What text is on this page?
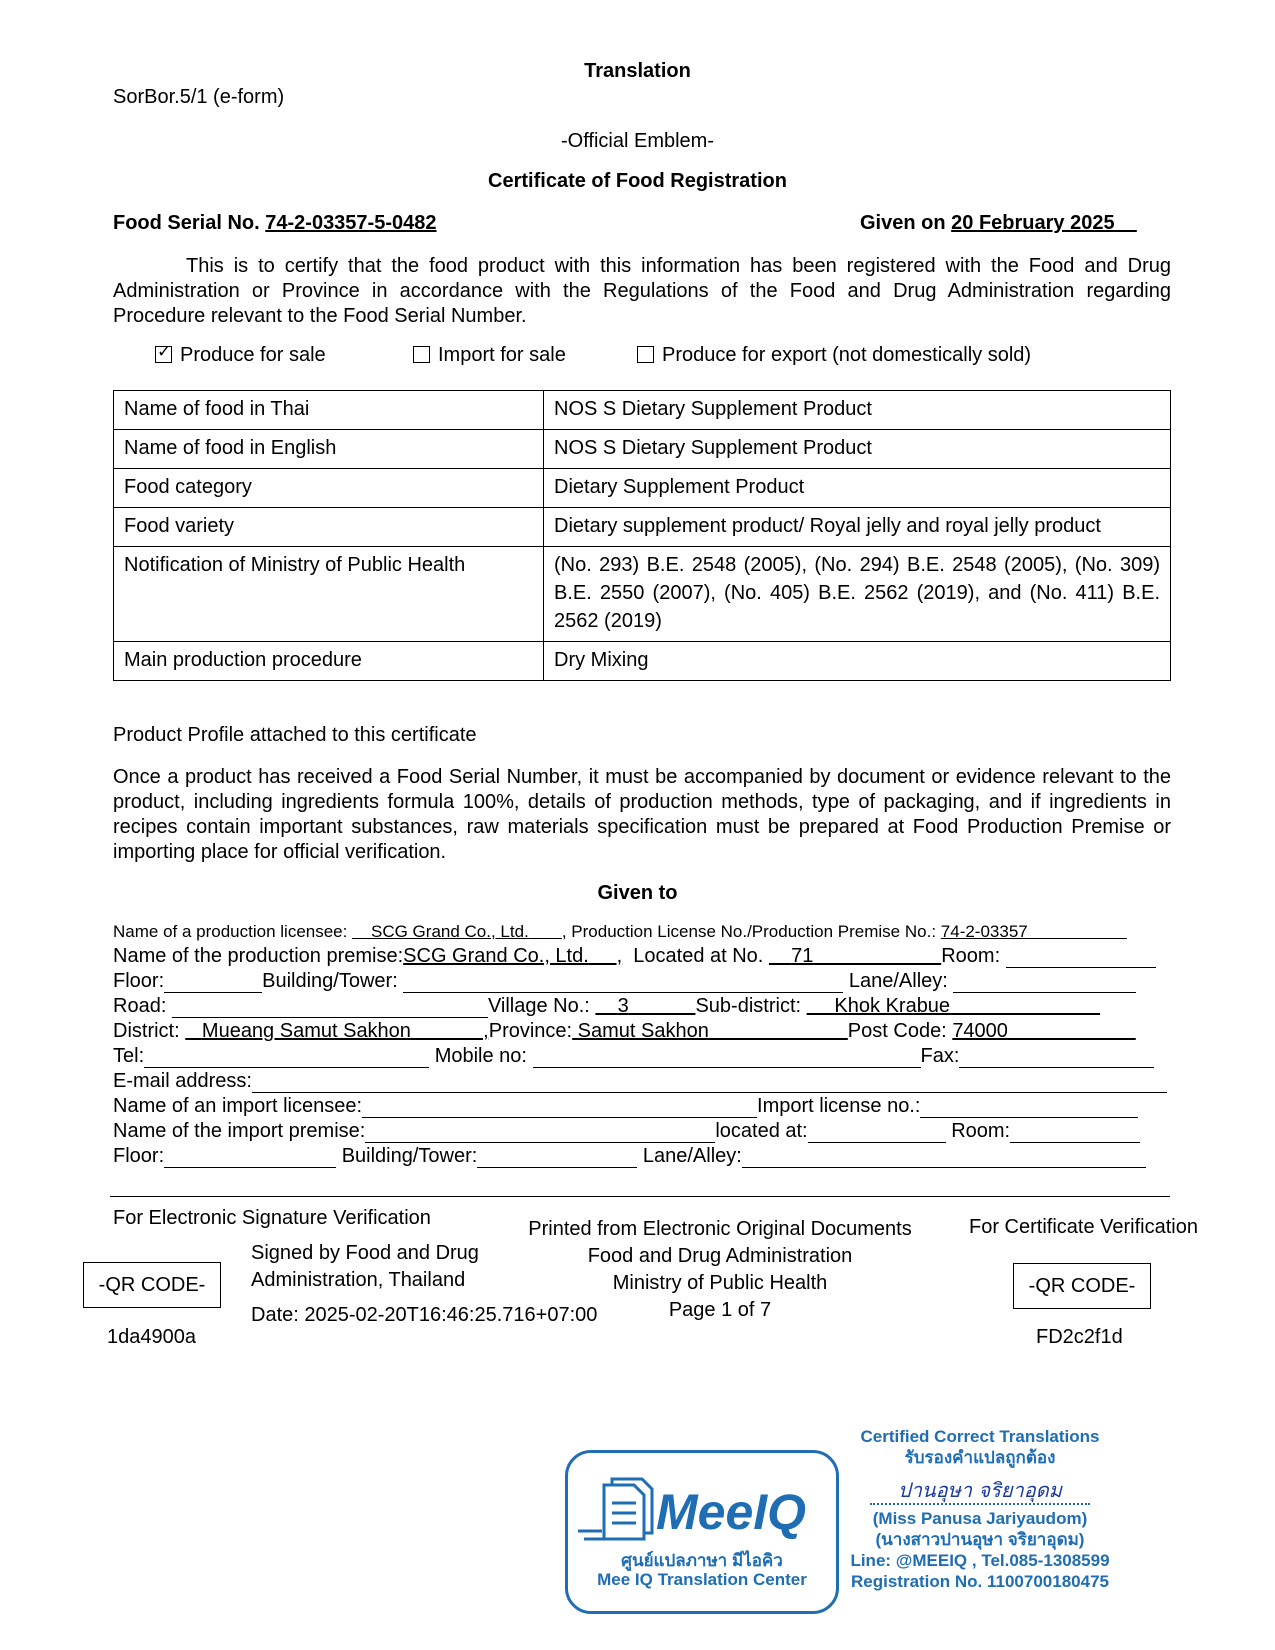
Translation
SorBor.5/1 (e-form)
-Official Emblem-
Certificate of Food Registration
Food Serial No. 74-2-03357-5-0482	Given on 20 February 2025
This is to certify that the food product with this information has been registered with the Food and Drug Administration or Province in accordance with the Regulations of the Food and Drug Administration regarding Procedure relevant to the Food Serial Number.
✓Produce for sale	Import for sale	Produce for export (not domestically sold)
Name of food in Thai	NOS S Dietary Supplement Product
Name of food in English	NOS S Dietary Supplement Product
Food category	Dietary Supplement Product
Food variety	Dietary supplement product/ Royal jelly and royal jelly product
Notification of Ministry of Public Health	(No. 293) B.E. 2548 (2005), (No. 294) B.E. 2548 (2005), (No. 309) B.E. 2550 (2007), (No. 405) B.E. 2562 (2019), and (No. 411) B.E. 2562 (2019)
Main production procedure	Dry Mixing
Product Profile attached to this certificate
Once a product has received a Food Serial Number, it must be accompanied by document or evidence relevant to the product, including ingredients formula 100%, details of production methods, type of packaging, and if ingredients in recipes contain important substances, raw materials specification must be prepared at Food Production Premise or importing place for official verification.
Given to
Name of a production licensee: SCG Grand Co., Ltd. , Production License No./Production Premise No.: 74-2-03357
Name of the production premise:SCG Grand Co., Ltd.     , Located at No. 71	Room:
Floor:	Building/Tower:	Lane/Alley:
Road:	Village No.: 3	Sub-district: Khok Krabue
District: Mueang Samut Sakhon             ,Province: Samut Sakhon	Post Code: 74000
Tel:	Mobile no:	Fax:
E-mail address:
Name of an import licensee:	Import license no.:
Name of the import premise:	located at:	Room:
Floor:	Building/Tower:	Lane/Alley:
For Electronic Signature Verification
-QR CODE-
1da4900a
Signed by Food and Drug
Administration, Thailand
Date: 2025-02-20T16:46:25.716+07:00
Printed from Electronic Original Documents
Food and Drug Administration
Ministry of Public Health
Page 1 of 7
For Certificate Verification
-QR CODE-
FD2c2f1d
MeeIQ
ศูนย์แปลภาษา มีไอคิว
Mee IQ Translation Center
Certified Correct Translations
รับรองคำแปลถูกต้อง
ปานอุษา จริยาอุดม
(Miss Panusa Jariyaudom)
(นางสาวปานอุษา จริยาอุดม)
Line: @MEEIQ , Tel.085-1308599
Registration No. 1100700180475
